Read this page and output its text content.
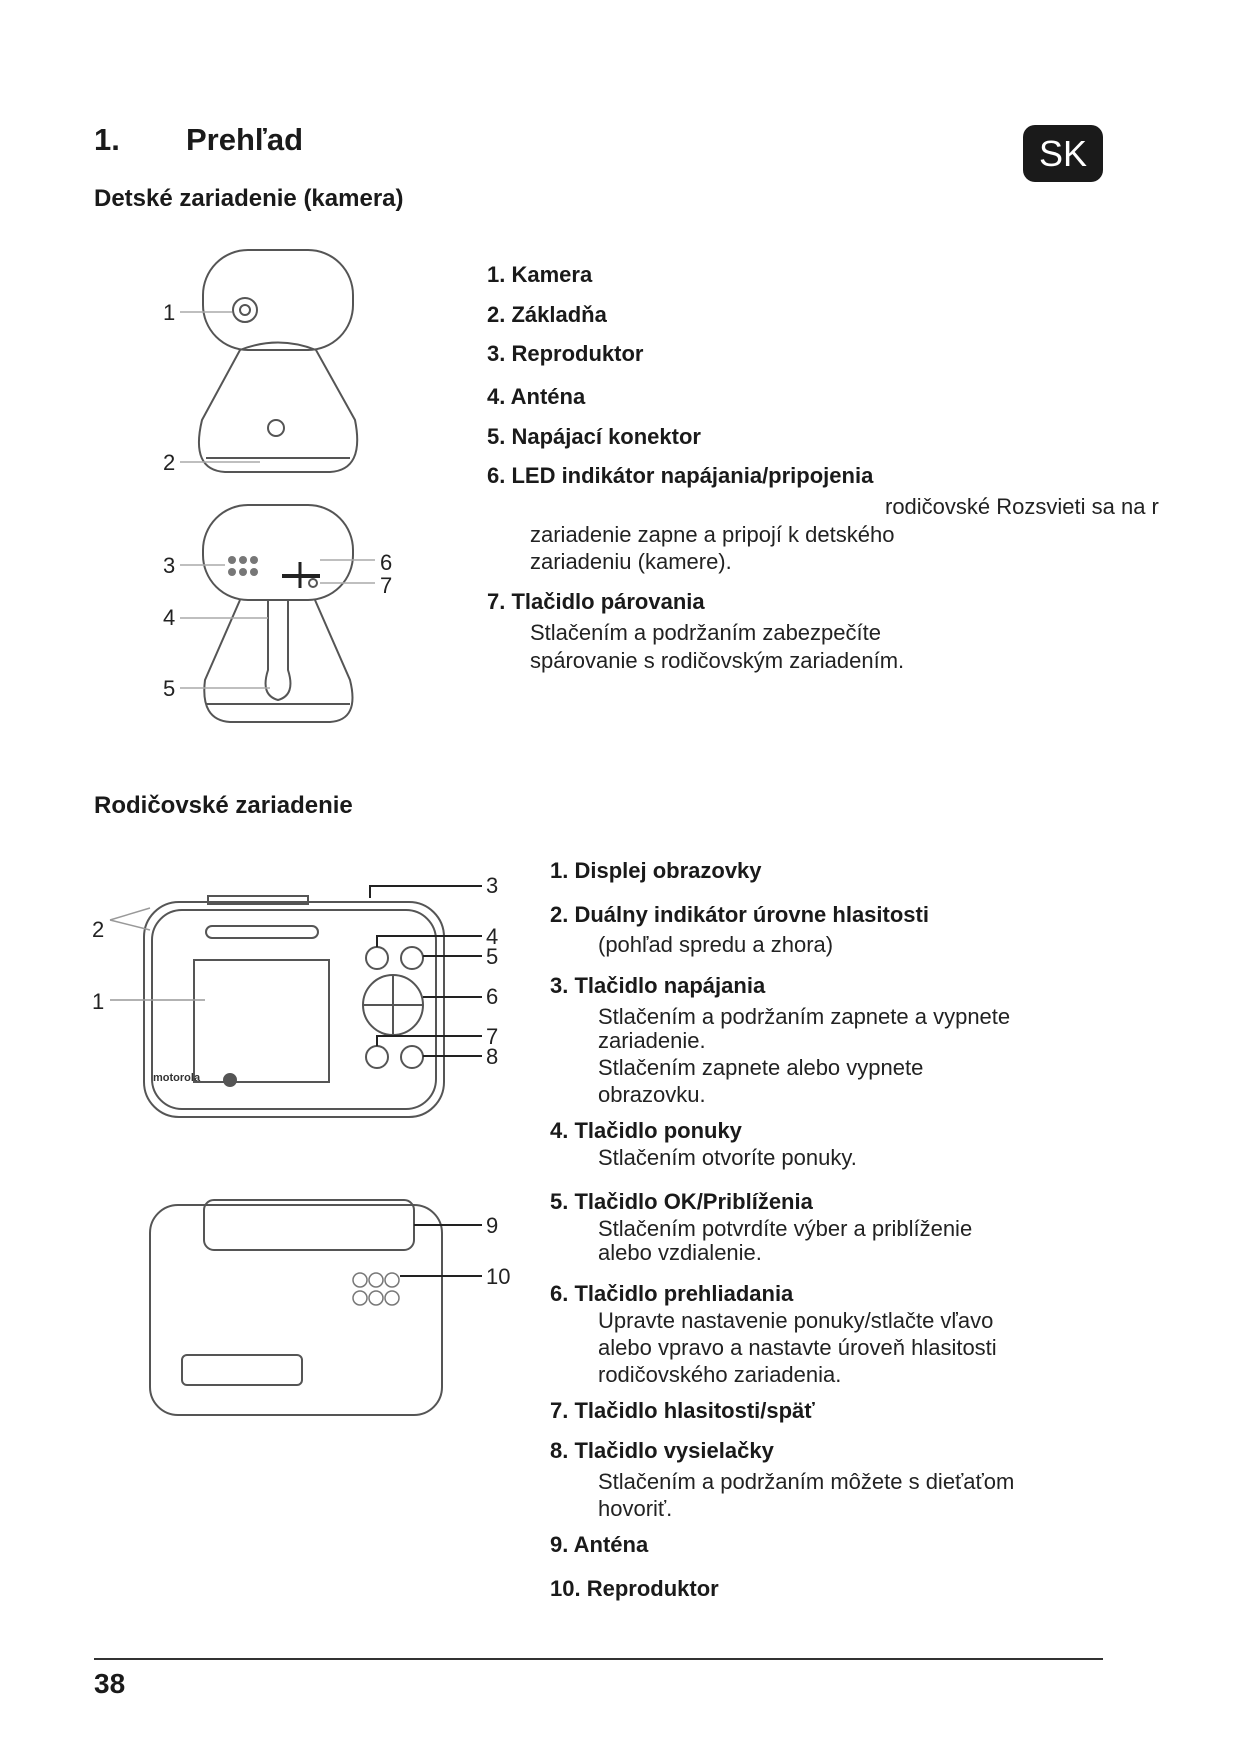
1. Prehľad	SK
Detské zariadenie (kamera)
1
2
3
4
5
6
7
1. Kamera
2. Základňa
3. Reproduktor
4. Anténa
5. Napájací konektor
6. LED indikátor napájania/pripojenia
rodičovské Rozsvieti sa na r
zariadenie zapne a pripojí k detského
zariadeniu (kamere).
7. Tlačidlo párovania
Stlačením a podržaním zabezpečíte
spárovanie s rodičovským zariadením.
Rodičovské zariadenie
motorola
1
2
3
4
5
6
7
8
9
10
1. Displej obrazovky
2. Duálny indikátor úrovne hlasitosti
(pohľad spredu a zhora)
3. Tlačidlo napájania
Stlačením a podržaním zapnete a vypnete
zariadenie.
Stlačením zapnete alebo vypnete
obrazovku.
4. Tlačidlo ponuky
Stlačením otvoríte ponuky.
5. Tlačidlo OK/Priblíženia
Stlačením potvrdíte výber a priblíženie
alebo vzdialenie.
6. Tlačidlo prehliadania
Upravte nastavenie ponuky/stlačte vľavo
alebo vpravo a nastavte úroveň hlasitosti
rodičovského zariadenia.
7. Tlačidlo hlasitosti/späť
8. Tlačidlo vysielačky
Stlačením a podržaním môžete s dieťaťom
hovoriť.
9. Anténa
10. Reproduktor
38
